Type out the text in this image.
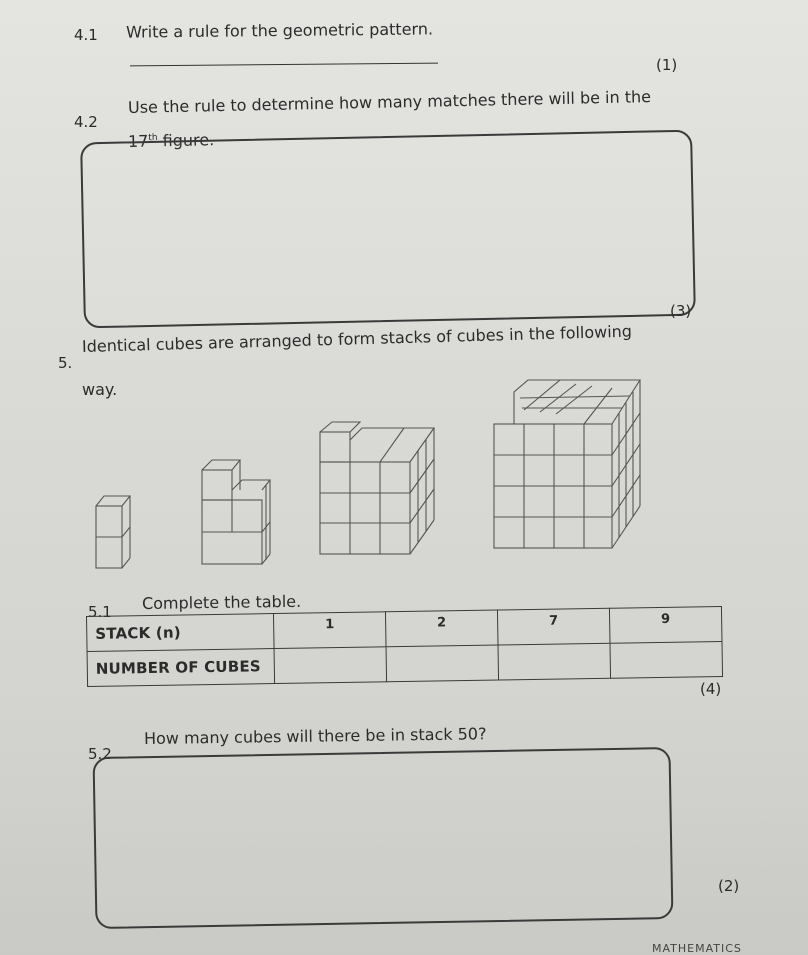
4.1 Write a rule for the geometric pattern.
(1)
4.2
Use the rule to determine how many matches there will be in the
17th figure.
(3)
5.
Identical cubes are arranged to form stacks of cubes in the following
way.
5.1 Complete the table.
STACK (n)	1	2	7	9
NUMBER OF CUBES				
(4)
5.2
How many cubes will there be in stack 50?
(2)
MATHEMATICS
